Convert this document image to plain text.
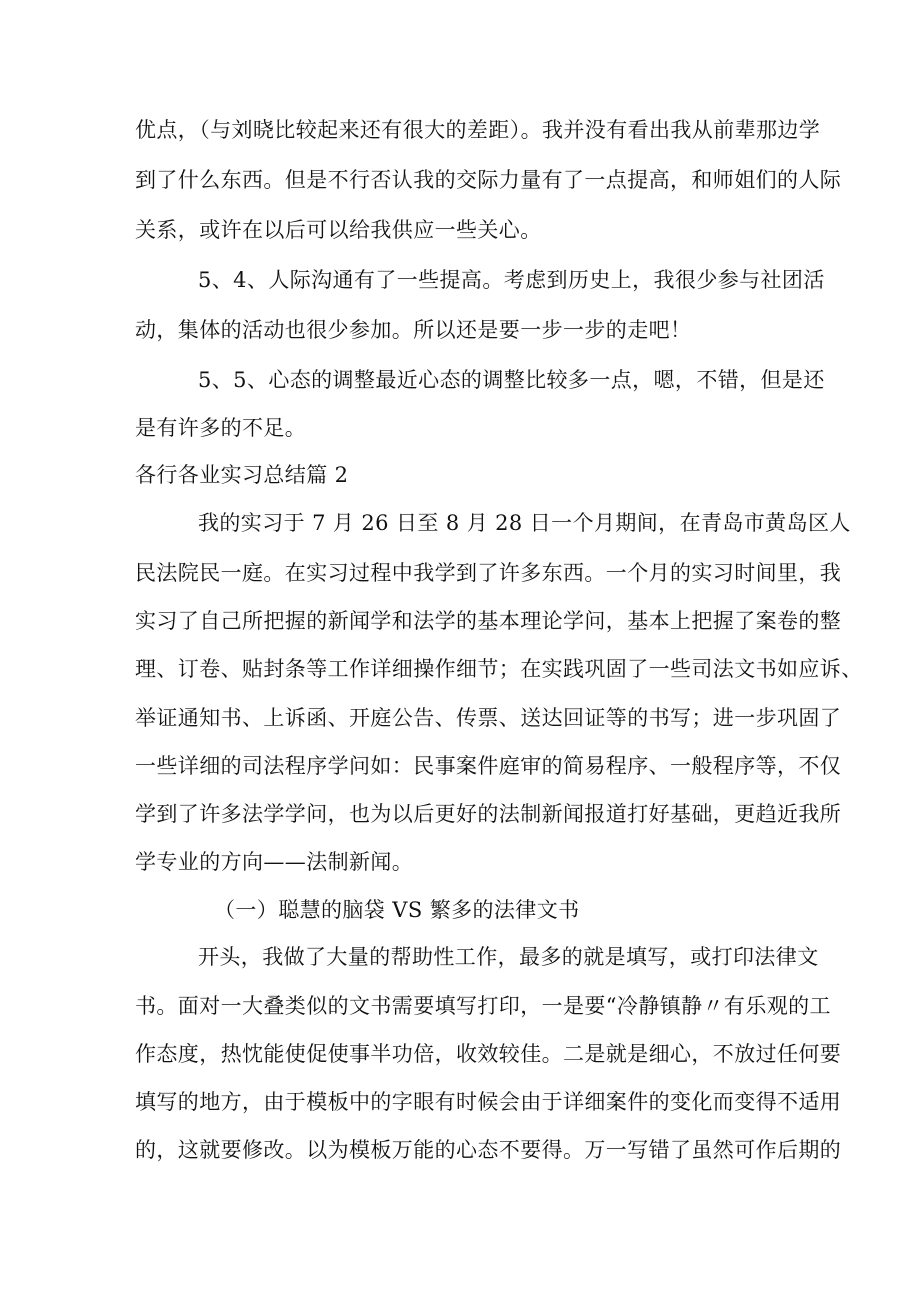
优点，（与刘晓比较起来还有很大的差距）。我并没有看出我从前辈那边学
到了什么东西。但是不行否认我的交际力量有了一点提高，和师姐们的人际
关系，或许在以后可以给我供应一些关心。
5、4、人际沟通有了一些提高。考虑到历史上，我很少参与社团活
动，集体的活动也很少参加。所以还是要一步一步的走吧！
5、5、心态的调整最近心态的调整比较多一点，嗯，不错，但是还
是有许多的不足。
各行各业实习总结篇 2
我的实习于 7 月 26 日至 8 月 28 日一个月期间，在青岛市黄岛区人
民法院民一庭。在实习过程中我学到了许多东西。一个月的实习时间里，我
实习了自己所把握的新闻学和法学的基本理论学问，基本上把握了案卷的整
理、订卷、贴封条等工作详细操作细节；在实践巩固了一些司法文书如应诉、
举证通知书、上诉函、开庭公告、传票、送达回证等的书写；进一步巩固了
一些详细的司法程序学问如：民事案件庭审的简易程序、一般程序等，不仅
学到了许多法学学问，也为以后更好的法制新闻报道打好基础，更趋近我所
学专业的方向——法制新闻。
（一）聪慧的脑袋 VS 繁多的法律文书
开头，我做了大量的帮助性工作，最多的就是填写，或打印法律文
书。面对一大叠类似的文书需要填写打印，一是要“冷静镇静〃有乐观的工
作态度，热忱能使促使事半功倍，收效较佳。二是就是细心，不放过任何要
填写的地方，由于模板中的字眼有时候会由于详细案件的变化而变得不适用
的，这就要修改。以为模板万能的心态不要得。万一写错了虽然可作后期的
